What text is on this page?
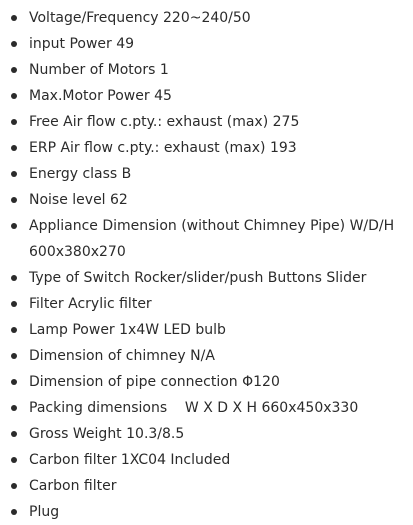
Voltage/Frequency 220~240/50
input Power 49
Number of Motors 1
Max.Motor Power 45
Free Air flow c.pty.: exhaust (max) 275
ERP Air flow c.pty.: exhaust (max) 193
Energy class B
Noise level 62
Appliance Dimension (without Chimney Pipe) W/D/H
600x380x270
Type of Switch Rocker/slider/push Buttons Slider
Filter Acrylic filter
Lamp Power 1x4W LED bulb
Dimension of chimney N/A
Dimension of pipe connection Φ120
Packing dimensions    W X D X H 660x450x330
Gross Weight 10.3/8.5
Carbon filter 1XC04 Included
Carbon filter
Plug
